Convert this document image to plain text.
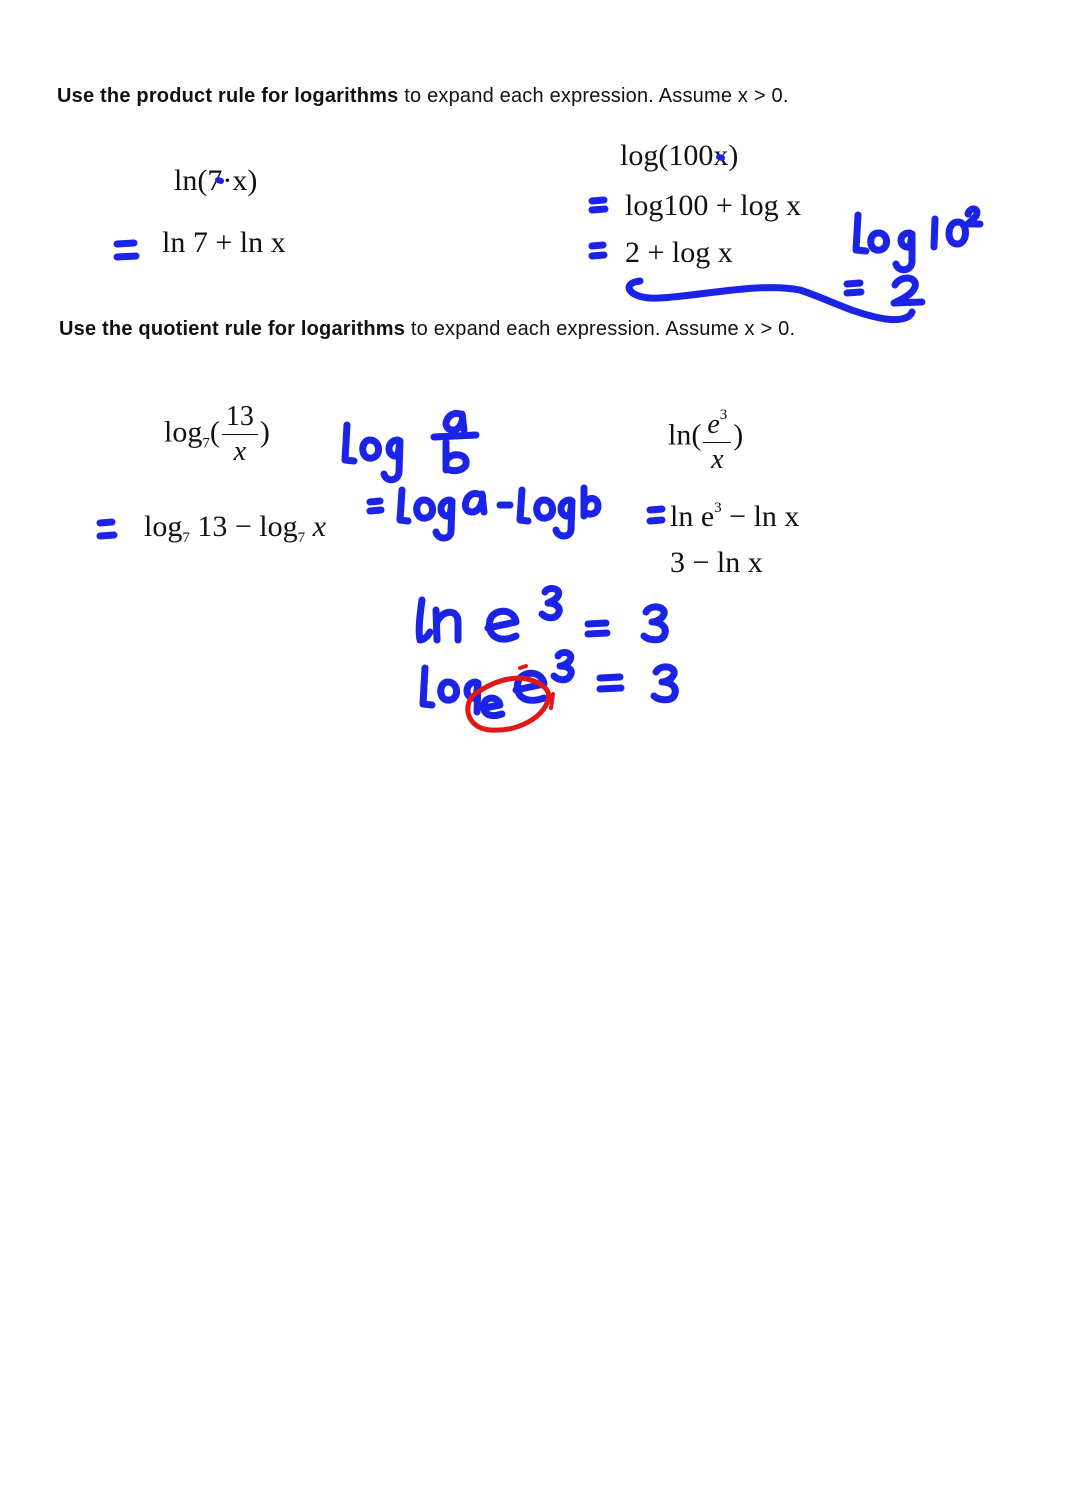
Use the product rule for logarithms to expand each expression. Assume x > 0.
Use the quotient rule for logarithms to expand each expression. Assume x > 0.
ln(7·x)
ln 7 + ln x
log(100x)
log100 + log x
2 + log x
$\log_7( \frac{13}{x}$ )
$\log_7 13 - \log_7 x$
$\ln( \frac{e^3}{x}$ )
$\ln e^3 - \ln x$
3 − ln x
